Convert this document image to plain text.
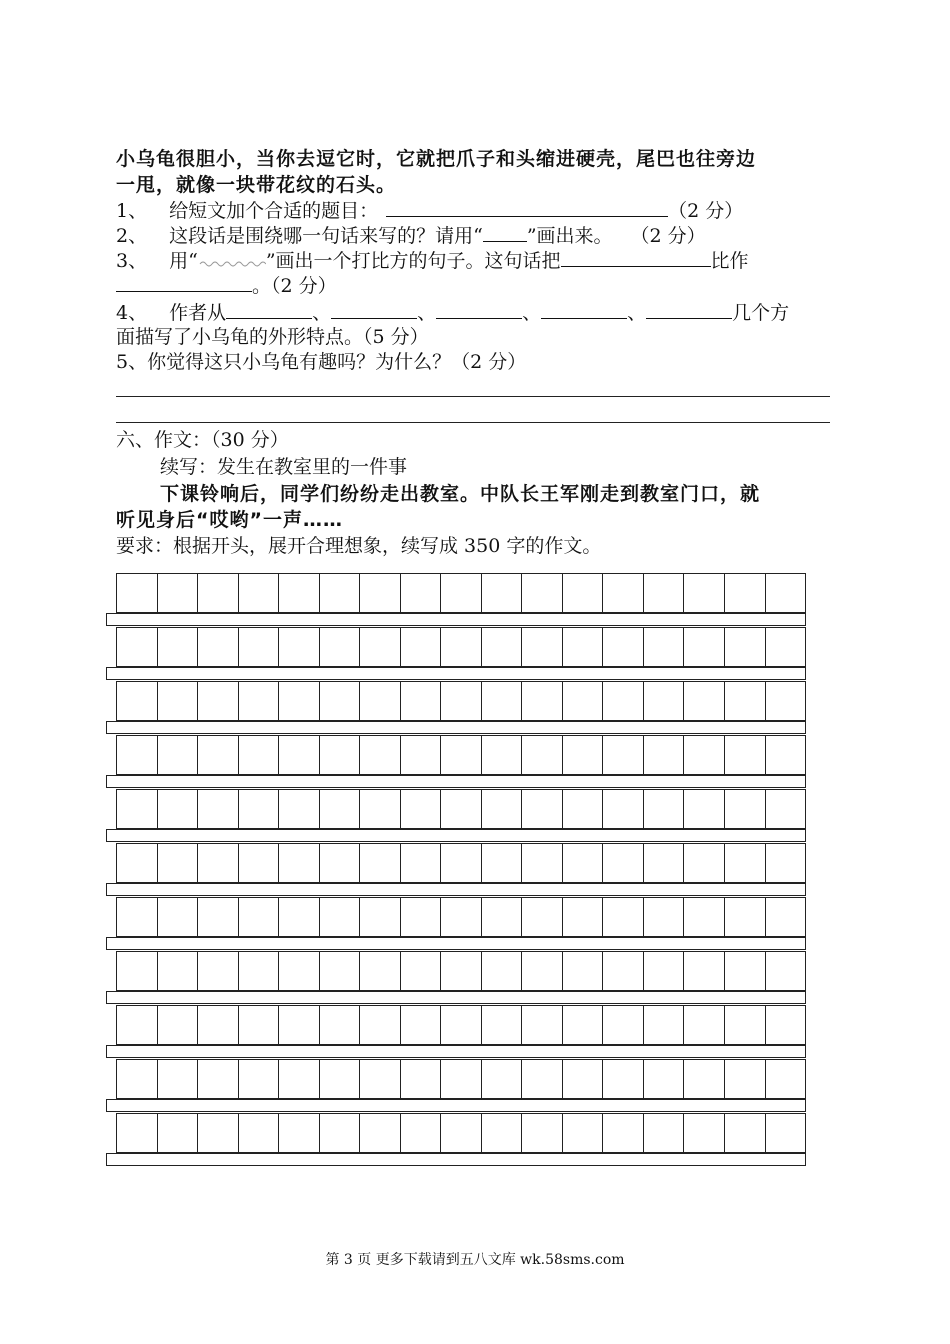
小乌龟很胆小，当你去逗它时，它就把爪子和头缩进硬壳，尾巴也往旁边
一甩，就像一块带花纹的石头。
1、 给短文加个合适的题目：	（2 分）
2、 这段话是围绕哪一句话来写的？请用“ ”画出来。 （2 分）
3、 用“	”画出一个打比方的句子。这句话把	比作
。（2 分）
4、 作者从	、	、	、	、	几个方
面描写了小乌龟的外形特点。（5 分）
5、你觉得这只小乌龟有趣吗？为什么？（2 分）
六、作文：（30 分）
续写：发生在教室里的一件事
下课铃响后，同学们纷纷走出教室。中队长王军刚走到教室门口，就
听见身后“哎哟”一声……
要求：根据开头，展开合理想象，续写成 350 字的作文。
第 3 页 更多下载请到五八文库 wk.58sms.com
